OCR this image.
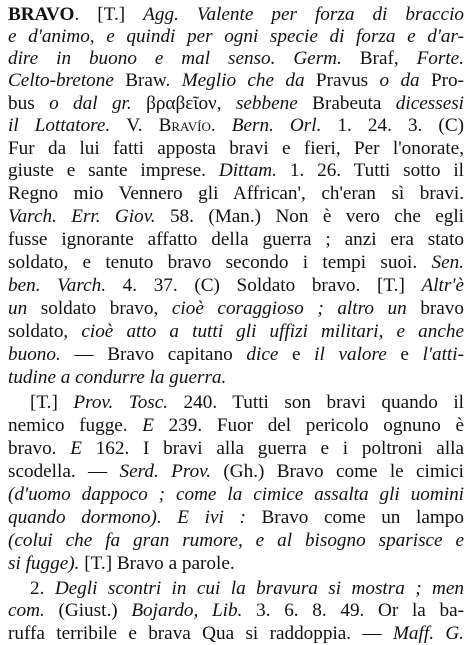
BRAVO. [T.] Agg. Valente per forza di braccio
e d'animo, e quindi per ogni specie di forza e d'ar-
dire in buono e mal senso. Germ. Braf, Forte.
Celto-bretone Braw. Meglio che da Pravus o da Pro-
bus o dal gr. βραβεῖον, sebbene Brabeuta dicessesi
il Lottatore. V. Bravío. Bern. Orl. 1. 24. 3. (C)
Fur da lui fatti apposta bravi e fieri, Per l'onorate,
giuste e sante imprese. Dittam. 1. 26. Tutti sotto il
Regno mio Vennero gli Affrican', ch'eran sì bravi.
Varch. Err. Giov. 58. (Man.) Non è vero che egli
fusse ignorante affatto della guerra ; anzi era stato
soldato, e tenuto bravo secondo i tempi suoi. Sen.
ben. Varch. 4. 37. (C) Soldato bravo. [T.] Altr'è
un soldato bravo, cioè coraggioso ; altro un bravo
soldato, cioè atto a tutti gli uffizi militari, e anche
buono. — Bravo capitano dice e il valore e l'atti-
tudine a condurre la guerra.
[T.] Prov. Tosc. 240. Tutti son bravi quando il
nemico fugge. E 239. Fuor del pericolo ognuno è
bravo. E 162. I bravi alla guerra e i poltroni alla
scodella. — Serd. Prov. (Gh.) Bravo come le cimici
(d'uomo dappoco ; come la cimice assalta gli uomini
quando dormono). E ivi : Bravo come un lampo
(colui che fa gran rumore, e al bisogno sparisce e
si fugge). [T.] Bravo a parole.
2. Degli scontri in cui la bravura si mostra ; men
com. (Giust.) Bojardo, Lib. 3. 6. 8. 49. Or la ba-
ruffa terribile e brava Qua si raddoppia. — Maff. G.
